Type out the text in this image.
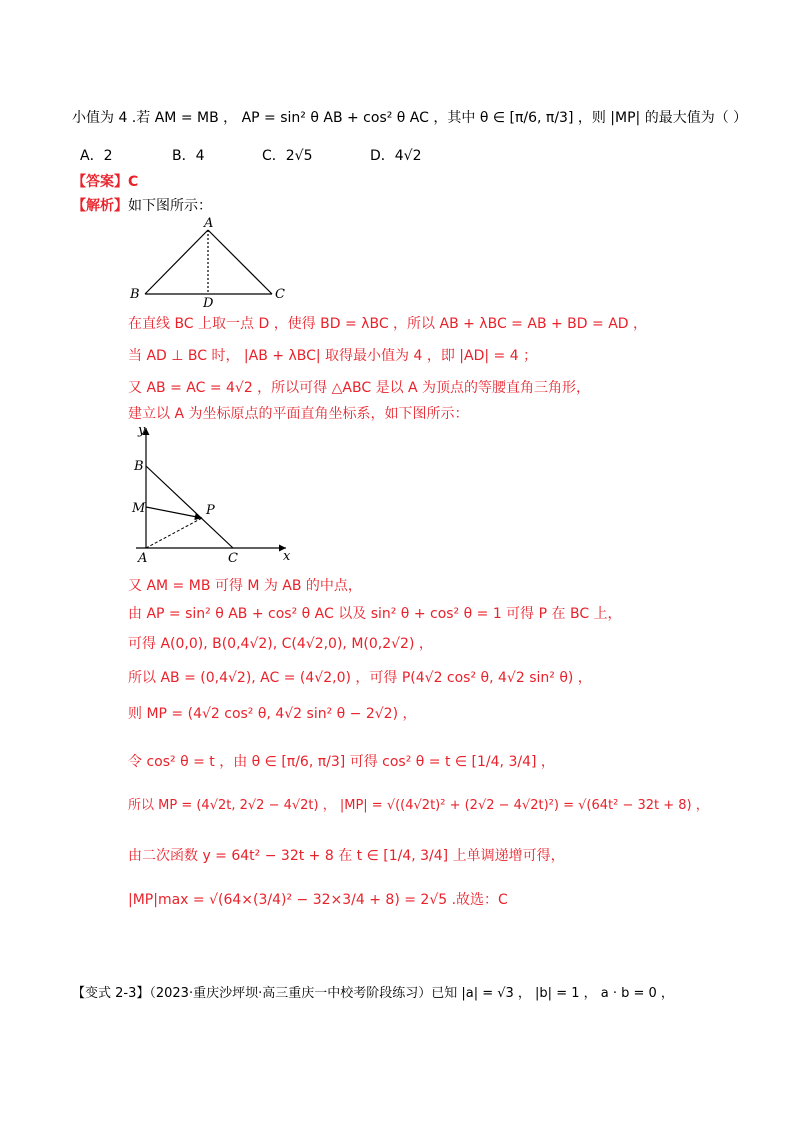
小值为 4 .若 AM = MB ， AP = sin² θ AB + cos² θ AC ，其中 θ ∈ [π/6, π/3] ，则 |MP| 的最大值为（ ）
A．2	B．4	C．2√5	D．4√2
【答案】C
【解析】如下图所示：
A
B	C
D
在直线 BC 上取一点 D ，使得 BD = λBC ，所以 AB + λBC = AB + BD = AD ，
当 AD ⊥ BC 时， |AB + λBC| 取得最小值为 4 ，即 |AD| = 4 ；
又 AB = AC = 4√2 ，所以可得 △ABC 是以 A 为顶点的等腰直角三角形，
建立以 A 为坐标原点的平面直角坐标系，如下图所示：
y
x
B
M	P
A	C
又 AM = MB 可得 M 为 AB 的中点，
由 AP = sin² θ AB + cos² θ AC 以及 sin² θ + cos² θ = 1 可得 P 在 BC 上，
可得 A(0,0), B(0,4√2), C(4√2,0), M(0,2√2) ，
所以 AB = (0,4√2), AC = (4√2,0) ，可得 P(4√2 cos² θ, 4√2 sin² θ) ，
则 MP = (4√2 cos² θ, 4√2 sin² θ − 2√2) ，
令 cos² θ = t ，由 θ ∈ [π/6, π/3] 可得 cos² θ = t ∈ [1/4, 3/4] ，
所以 MP = (4√2t, 2√2 − 4√2t) ， |MP| = √((4√2t)² + (2√2 − 4√2t)²) = √(64t² − 32t + 8) ，
由二次函数 y = 64t² − 32t + 8 在 t ∈ [1/4, 3/4] 上单调递增可得，
|MP|max = √(64×(3/4)² − 32×3/4 + 8) = 2√5 .故选：C
【变式 2-3】（2023·重庆沙坪坝·高三重庆一中校考阶段练习）已知 |a| = √3 ， |b| = 1 ， a · b = 0 ，
